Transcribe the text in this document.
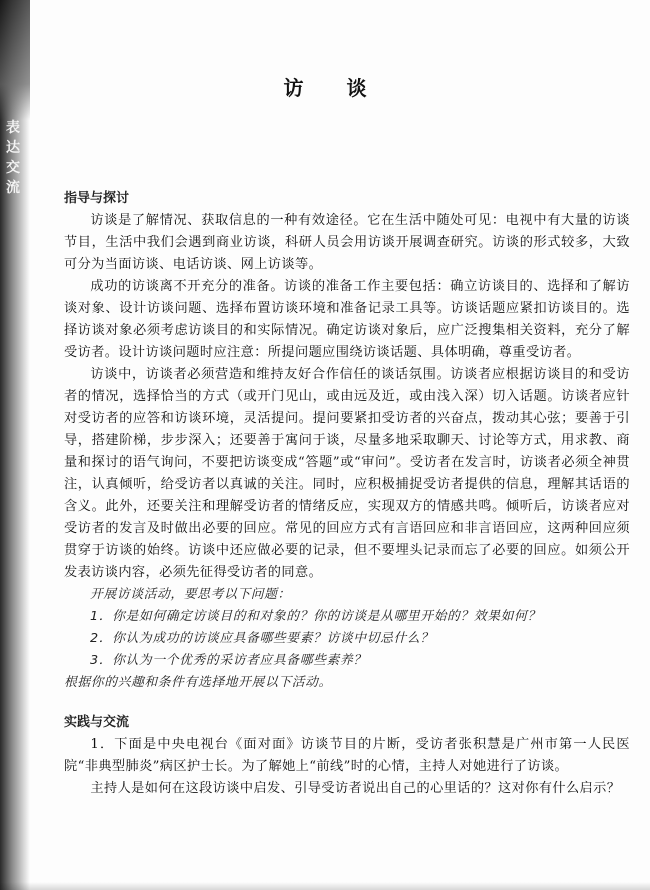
表
达
交
流
访 谈
指导与探讨

访谈是了解情况、获取信息的一种有效途径。它在生活中随处可见：电视中有大量的访谈节目，生活中我们会遇到商业访谈，科研人员会用访谈开展调查研究。访谈的形式较多，大致可分为当面访谈、电话访谈、网上访谈等。

成功的访谈离不开充分的准备。访谈的准备工作主要包括：确立访谈目的、选择和了解访谈对象、设计访谈问题、选择布置访谈环境和准备记录工具等。访谈话题应紧扣访谈目的。选择访谈对象必须考虑访谈目的和实际情况。确定访谈对象后，应广泛搜集相关资料，充分了解受访者。设计访谈问题时应注意：所提问题应围绕访谈话题、具体明确，尊重受访者。

访谈中，访谈者必须营造和维持友好合作信任的谈话氛围。访谈者应根据访谈目的和受访者的情况，选择恰当的方式（或开门见山，或由远及近，或由浅入深）切入话题。访谈者应针对受访者的应答和访谈环境，灵活提问。提问要紧扣受访者的兴奋点，拨动其心弦；要善于引导，搭建阶梯，步步深入；还要善于寓问于谈，尽量多地采取聊天、讨论等方式，用求教、商量和探讨的语气询问，不要把访谈变成“答题”或“审问”。受访者在发言时，访谈者必须全神贯注，认真倾听，给受访者以真诚的关注。同时，应积极捕捉受访者提供的信息，理解其话语的含义。此外，还要关注和理解受访者的情绪反应，实现双方的情感共鸣。倾听后，访谈者应对受访者的发言及时做出必要的回应。常见的回应方式有言语回应和非言语回应，这两种回应须贯穿于访谈的始终。访谈中还应做必要的记录，但不要埋头记录而忘了必要的回应。如须公开发表访谈内容，必须先征得受访者的同意。

开展访谈活动，要思考以下问题：

1．你是如何确定访谈目的和对象的？你的访谈是从哪里开始的？效果如何？
2．你认为成功的访谈应具备哪些要素？访谈中切忌什么？
3．你认为一个优秀的采访者应具备哪些素养？

根据你的兴趣和条件有选择地开展以下活动。

实践与交流

1．下面是中央电视台《面对面》访谈节目的片断，受访者张积慧是广州市第一人民医院“非典型肺炎”病区护士长。为了解她上“前线”时的心情，主持人对她进行了访谈。

主持人是如何在这段访谈中启发、引导受访者说出自己的心里话的？这对你有什么启示？
